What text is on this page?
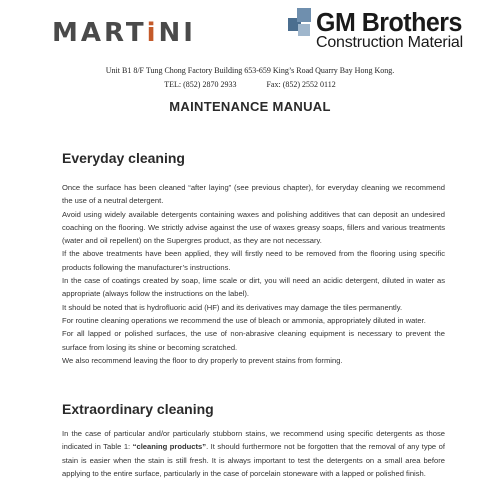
MARTiNI	GM Brothers
Construction Material
Unit B1 8/F Tung Chong Factory Building 653-659 King’s Road Quarry Bay Hong Kong.
TEL: (852) 2870 2933	Fax: (852) 2552 0112
MAINTENANCE MANUAL
Everyday cleaning

Once the surface has been cleaned “after laying” (see previous chapter), for everyday cleaning we recommend the use of a neutral detergent.

Avoid using widely available detergents containing waxes and polishing additives that can deposit an undesired coaching on the flooring. We strictly advise against the use of waxes greasy soaps, fillers and various treatments (water and oil repellent) on the Supergres product, as they are not necessary.

If the above treatments have been applied, they will firstly need to be removed from the flooring using specific products following the manufacturer’s instructions.

In the case of coatings created by soap, lime scale or dirt, you will need an acidic detergent, diluted in water as appropriate (always follow the instructions on the label).

It should be noted that is hydrofluoric acid (HF) and its derivatives may damage the tiles permanently.

For routine cleaning operations we recommend the use of bleach or ammonia, appropriately diluted in water.

For all lapped or polished surfaces, the use of non-abrasive cleaning equipment is necessary to prevent the surface from losing its shine or becoming scratched.

We also recommend leaving the floor to dry properly to prevent stains from forming.

Extraordinary cleaning

In the case of particular and/or particularly stubborn stains, we recommend using specific detergents as those indicated in Table 1: “cleaning products”. It should furthermore not be forgotten that the removal of any type of stain is easier when the stain is still fresh. It is always important to test the detergents on a small area before applying to the entire surface, particularly in the case of porcelain stoneware with a lapped or polished finish.
